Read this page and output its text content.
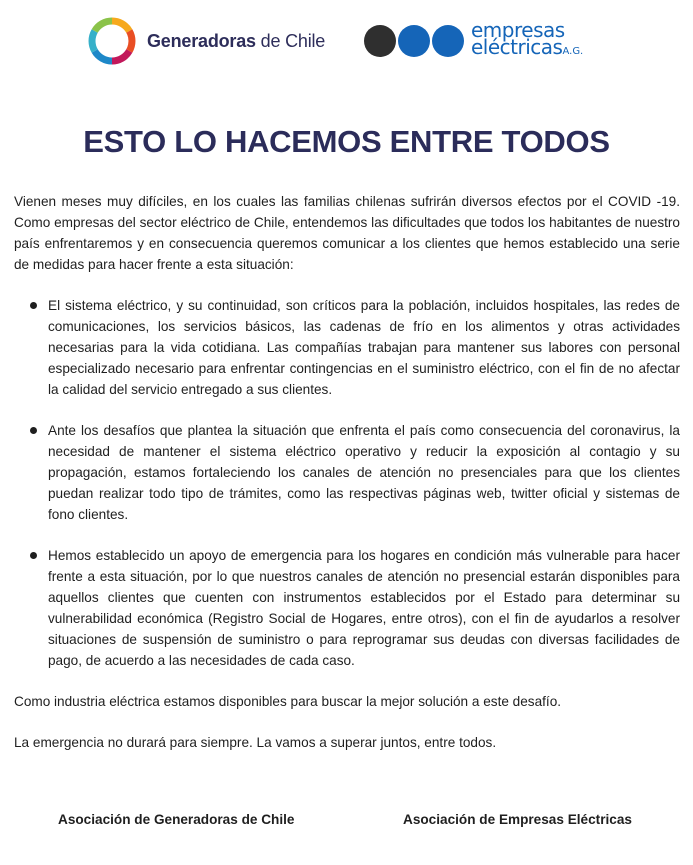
Generadoras de Chile	empresas
eléctricasA.G.
ESTO LO HACEMOS ENTRE TODOS

Vienen meses muy difíciles, en los cuales las familias chilenas sufrirán diversos efectos por el COVID -19. Como empresas del sector eléctrico de Chile, entendemos las dificultades que todos los habitantes de nuestro país enfrentaremos y en consecuencia queremos comunicar a los clientes que hemos establecido una serie de medidas para hacer frente a esta situación:

El sistema eléctrico, y su continuidad, son críticos para la población, incluidos hospitales, las redes de comunicaciones, los servicios básicos, las cadenas de frío en los alimentos y otras actividades necesarias para la vida cotidiana. Las compañías trabajan para mantener sus labores con personal especializado necesario para enfrentar contingencias en el suministro eléctrico, con el fin de no afectar la calidad del servicio entregado a sus clientes.
Ante los desafíos que plantea la situación que enfrenta el país como consecuencia del coronavirus, la necesidad de mantener el sistema eléctrico operativo y reducir la exposición al contagio y su propagación, estamos fortaleciendo los canales de atención no presenciales para que los clientes puedan realizar todo tipo de trámites, como las respectivas páginas web, twitter oficial y sistemas de fono clientes.
Hemos establecido un apoyo de emergencia para los hogares en condición más vulnerable para hacer frente a esta situación, por lo que nuestros canales de atención no presencial estarán disponibles para aquellos clientes que cuenten con instrumentos establecidos por el Estado para determinar su vulnerabilidad económica (Registro Social de Hogares, entre otros), con el fin de ayudarlos a resolver situaciones de suspensión de suministro o para reprogramar sus deudas con diversas facilidades de pago, de acuerdo a las necesidades de cada caso.

Como industria eléctrica estamos disponibles para buscar la mejor solución a este desafío.

La emergencia no durará para siempre. La vamos a superar juntos, entre todos.

Asociación de Generadoras de Chile	Asociación de Empresas Eléctricas
